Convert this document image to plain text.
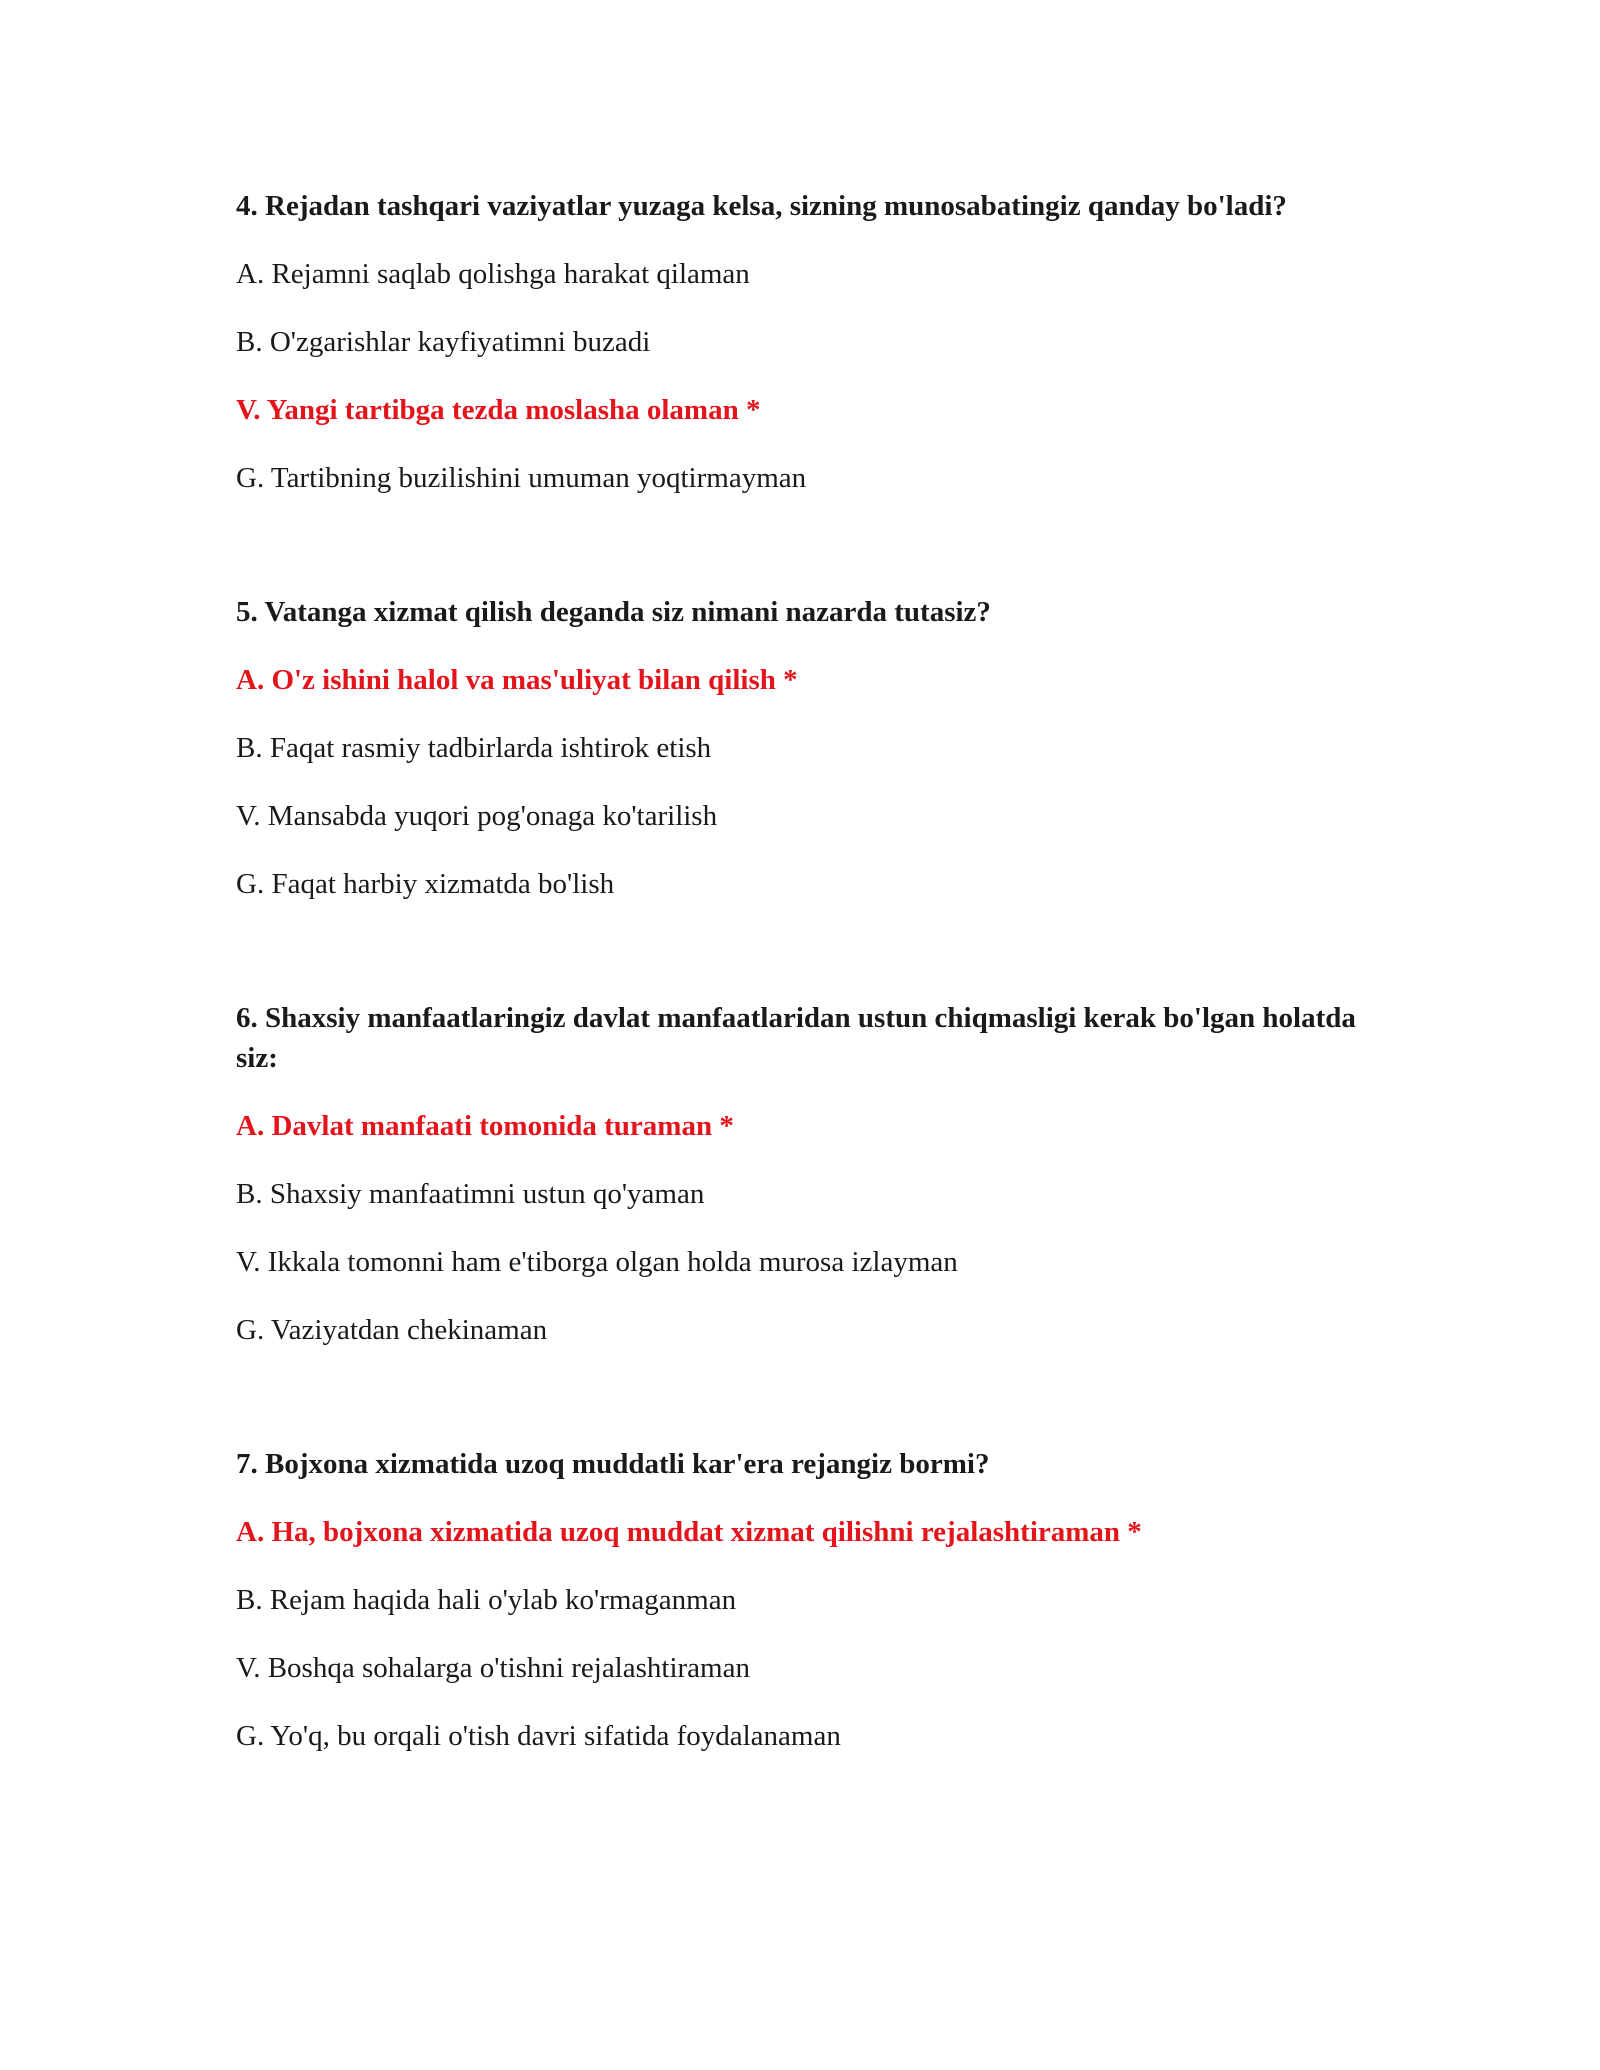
4. Rejadan tashqari vaziyatlar yuzaga kelsa, sizning munosabatingiz qanday bo'ladi?

A. Rejamni saqlab qolishga harakat qilaman

B. O'zgarishlar kayfiyatimni buzadi

V. Yangi tartibga tezda moslasha olaman *

G. Tartibning buzilishini umuman yoqtirmayman

5. Vatanga xizmat qilish deganda siz nimani nazarda tutasiz?

A. O'z ishini halol va mas'uliyat bilan qilish *

B. Faqat rasmiy tadbirlarda ishtirok etish

V. Mansabda yuqori pog'onaga ko'tarilish

G. Faqat harbiy xizmatda bo'lish

6. Shaxsiy manfaatlaringiz davlat manfaatlaridan ustun chiqmasligi kerak bo'lgan holatda siz:

A. Davlat manfaati tomonida turaman *

B. Shaxsiy manfaatimni ustun qo'yaman

V. Ikkala tomonni ham e'tiborga olgan holda murosa izlayman

G. Vaziyatdan chekinaman

7. Bojxona xizmatida uzoq muddatli kar'era rejangiz bormi?

A. Ha, bojxona xizmatida uzoq muddat xizmat qilishni rejalashtiraman *

B. Rejam haqida hali o'ylab ko'rmaganman

V. Boshqa sohalarga o'tishni rejalashtiraman

G. Yo'q, bu orqali o'tish davri sifatida foydalanaman
